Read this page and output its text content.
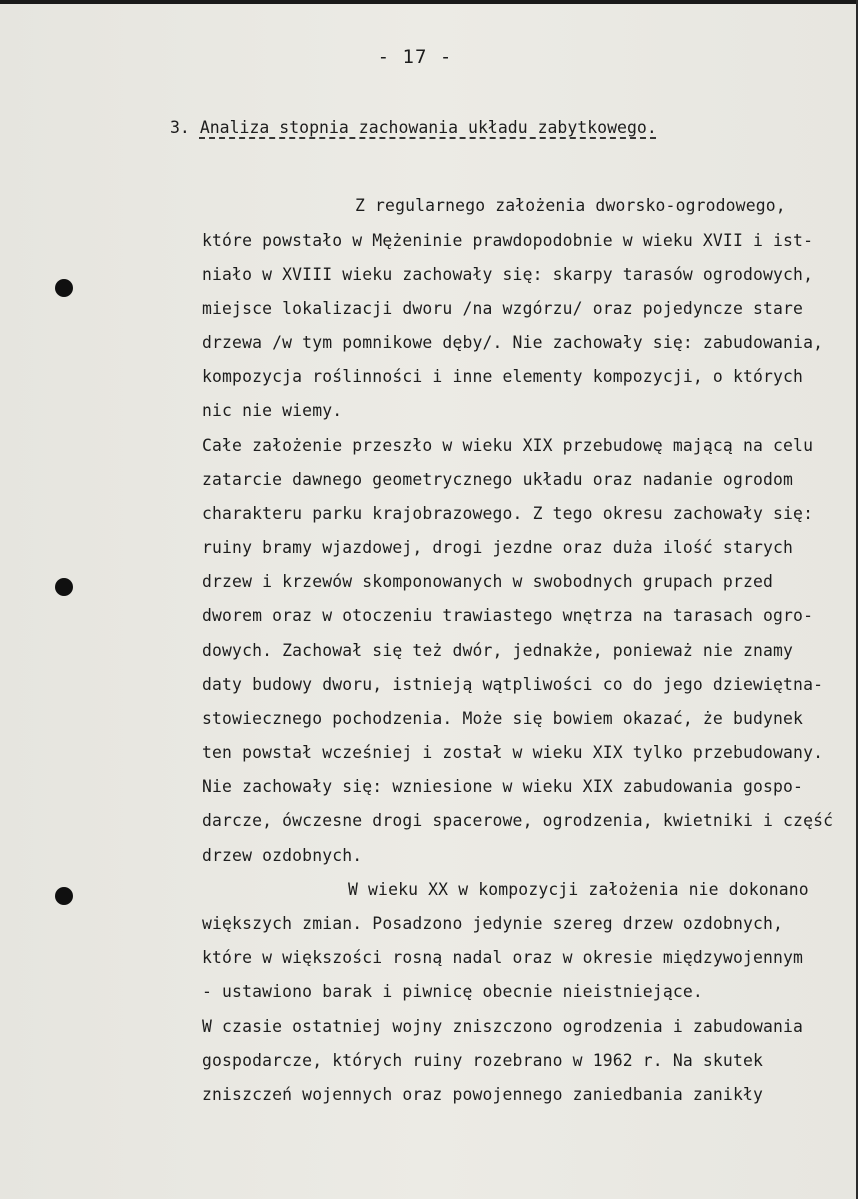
- 17 -
3. Analiza stopnia zachowania układu zabytkowego.
Z regularnego założenia dworsko-ogrodowego,
które powstało w Mężeninie prawdopodobnie w wieku XVII i ist-
niało w XVIII wieku zachowały się: skarpy tarasów ogrodowych,
miejsce lokalizacji dworu /na wzgórzu/ oraz pojedyncze stare
drzewa /w tym pomnikowe dęby/. Nie zachowały się: zabudowania,
kompozycja roślinności i inne elementy kompozycji, o których
nic nie wiemy.
Całe założenie przeszło w wieku XIX przebudowę mającą na celu
zatarcie dawnego geometrycznego układu oraz nadanie ogrodom
charakteru parku krajobrazowego. Z tego okresu zachowały się:
ruiny bramy wjazdowej, drogi jezdne oraz duża ilość starych
drzew i krzewów skomponowanych w swobodnych grupach przed
dworem oraz w otoczeniu trawiastego wnętrza na tarasach ogro-
dowych. Zachował się też dwór, jednakże, ponieważ nie znamy
daty budowy dworu, istnieją wątpliwości co do jego dziewiętna-
stowiecznego pochodzenia. Może się bowiem okazać, że budynek
ten powstał wcześniej i został w wieku XIX tylko przebudowany.
Nie zachowały się: wzniesione w wieku XIX zabudowania gospo-
darcze, ówczesne drogi spacerowe, ogrodzenia, kwietniki i część
drzew ozdobnych.
W wieku XX w kompozycji założenia nie dokonano
większych zmian. Posadzono jedynie szereg drzew ozdobnych,
które w większości rosną nadal oraz w okresie międzywojennym
- ustawiono barak i piwnicę obecnie nieistniejące.
W czasie ostatniej wojny zniszczono ogrodzenia i zabudowania
gospodarcze, których ruiny rozebrano w 1962 r. Na skutek
zniszczeń wojennych oraz powojennego zaniedbania zanikły
